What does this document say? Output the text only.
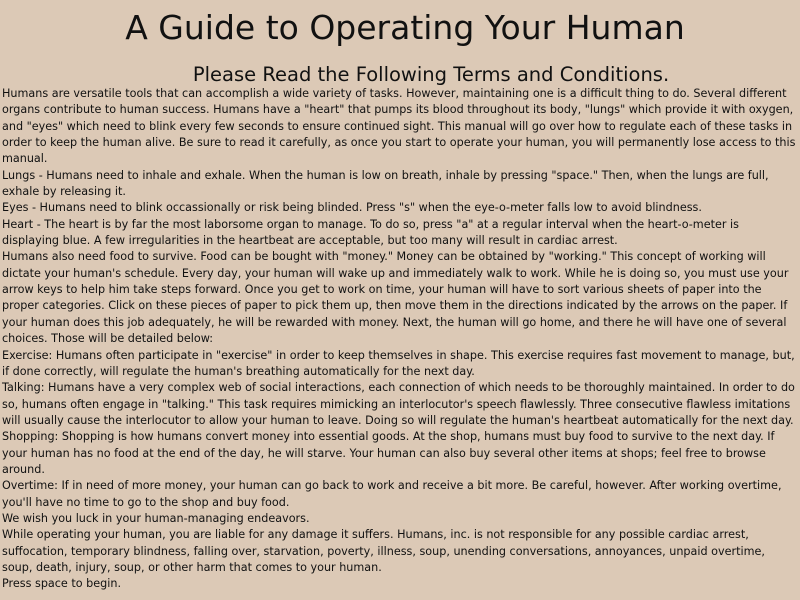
A Guide to Operating Your Human
Please Read the Following Terms and Conditions.

Humans are versatile tools that can accomplish a wide variety of tasks. However, maintaining one is a difficult thing to do. Several different organs contribute to human success. Humans have a "heart" that pumps its blood throughout its body, "lungs" which provide it with oxygen, and "eyes" which need to blink every few seconds to ensure continued sight. This manual will go over how to regulate each of these tasks in order to keep the human alive. Be sure to read it carefully, as once you start to operate your human, you will permanently lose access to this manual.

Lungs - Humans need to inhale and exhale. When the human is low on breath, inhale by pressing "space." Then, when the lungs are full, exhale by releasing it.

Eyes - Humans need to blink occassionally or risk being blinded. Press "s" when the eye-o-meter falls low to avoid blindness.

Heart - The heart is by far the most laborsome organ to manage. To do so, press "a" at a regular interval when the heart-o-meter is displaying blue. A few irregularities in the heartbeat are acceptable, but too many will result in cardiac arrest.

Humans also need food to survive. Food can be bought with "money." Money can be obtained by "working." This concept of working will dictate your human's schedule. Every day, your human will wake up and immediately walk to work. While he is doing so, you must use your arrow keys to help him take steps forward. Once you get to work on time, your human will have to sort various sheets of paper into the proper categories. Click on these pieces of paper to pick them up, then move them in the directions indicated by the arrows on the paper. If your human does this job adequately, he will be rewarded with money. Next, the human will go home, and there he will have one of several choices. Those will be detailed below:

Exercise: Humans often participate in "exercise" in order to keep themselves in shape. This exercise requires fast movement to manage, but, if done correctly, will regulate the human's breathing automatically for the next day.

Talking: Humans have a very complex web of social interactions, each connection of which needs to be thoroughly maintained. In order to do so, humans often engage in "talking." This task requires mimicking an interlocutor's speech flawlessly. Three consecutive flawless imitations will usually cause the interlocutor to allow your human to leave. Doing so will regulate the human's heartbeat automatically for the next day.

Shopping: Shopping is how humans convert money into essential goods. At the shop, humans must buy food to survive to the next day. If your human has no food at the end of the day, he will starve. Your human can also buy several other items at shops; feel free to browse around.

Overtime: If in need of more money, your human can go back to work and receive a bit more. Be careful, however. After working overtime, you'll have no time to go to the shop and buy food.

We wish you luck in your human-managing endeavors.

While operating your human, you are liable for any damage it suffers. Humans, inc. is not responsible for any possible cardiac arrest, suffocation, temporary blindness, falling over, starvation, poverty, illness, soup, unending conversations, annoyances, unpaid overtime, soup, death, injury, soup, or other harm that comes to your human.

Press space to begin.
